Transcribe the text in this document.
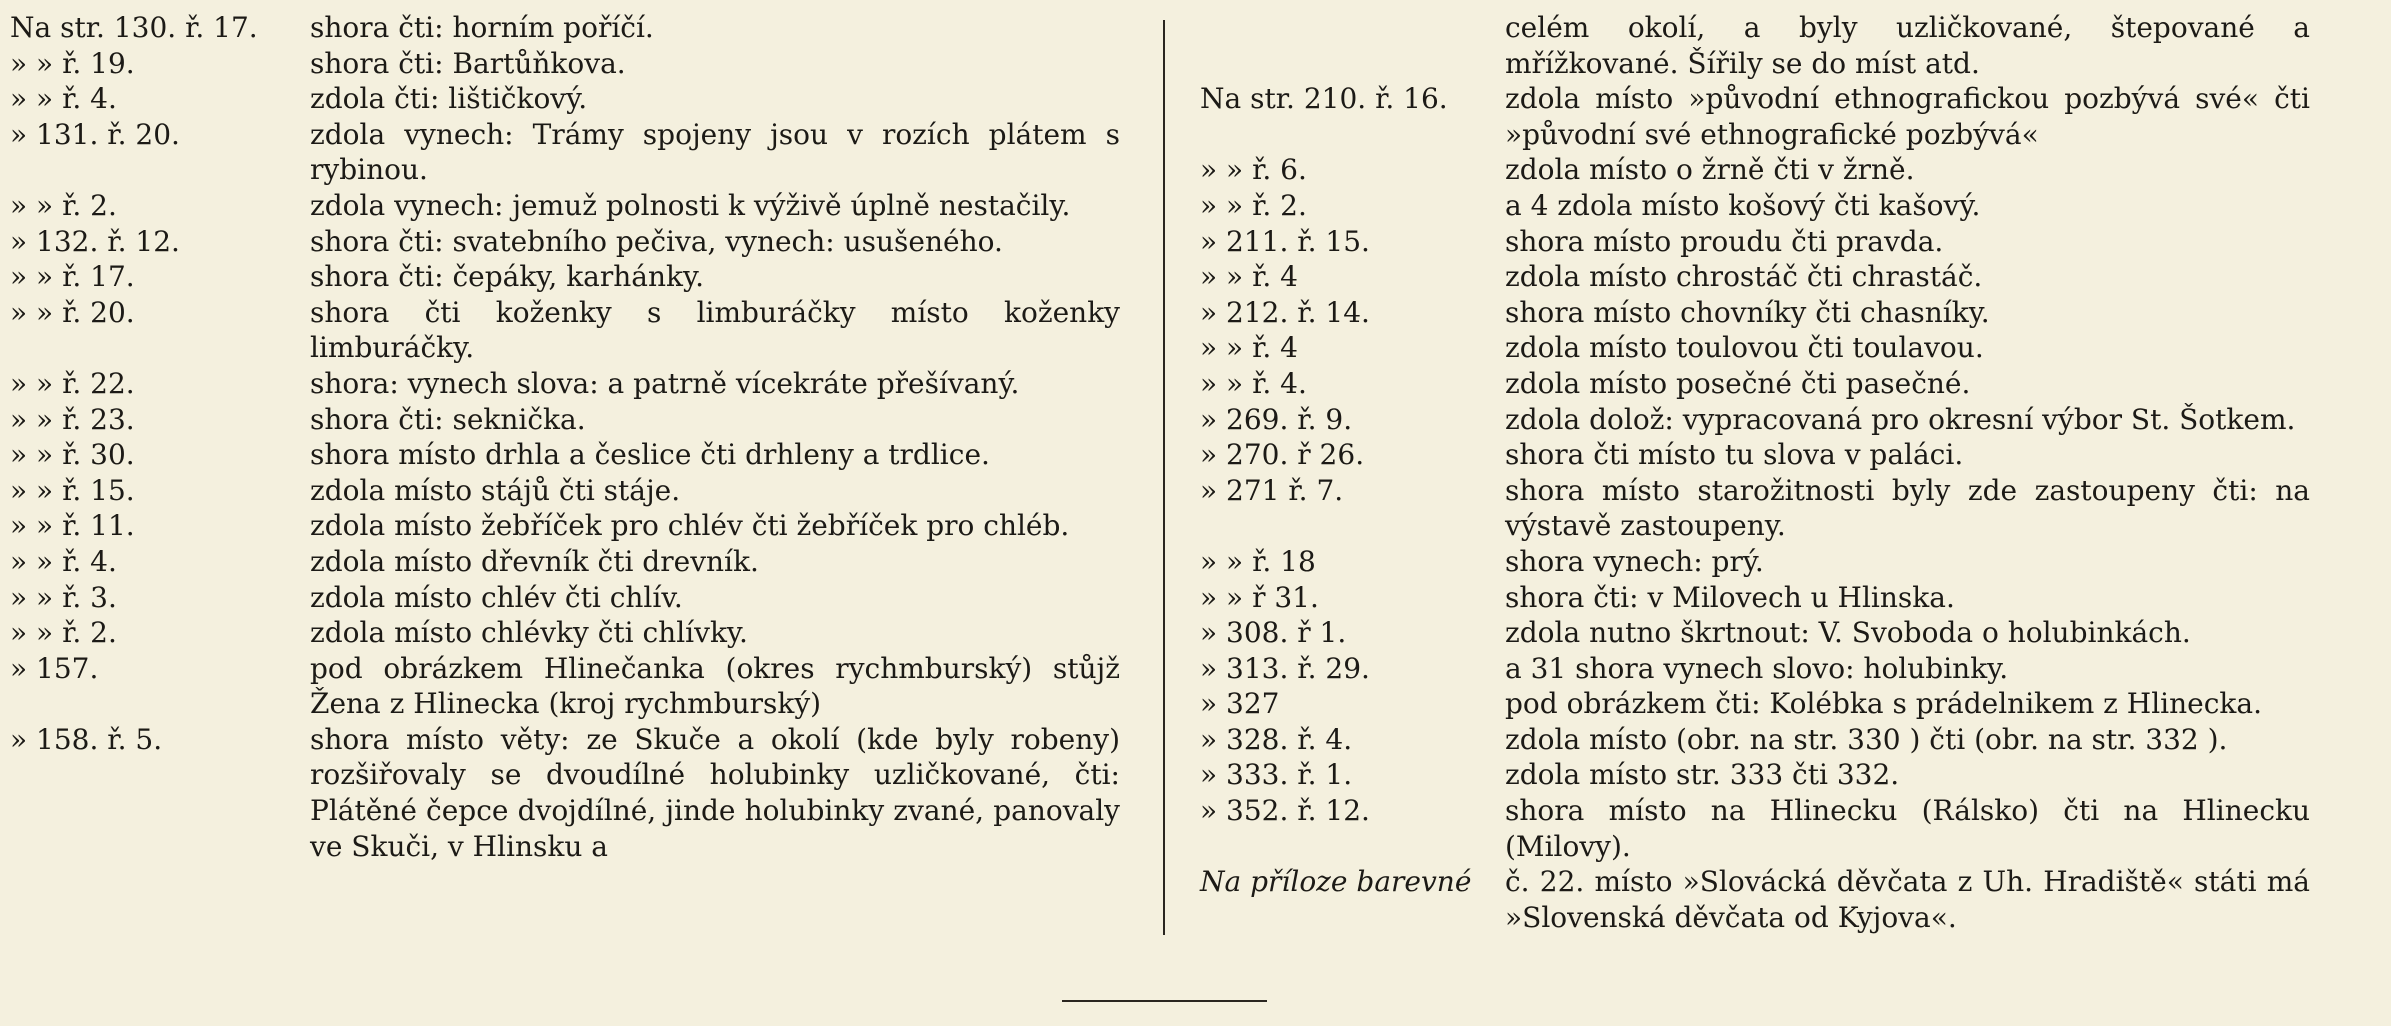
Na str. 130. ř. 17.	shora čti: horním poříčí.
» » ř. 19.	shora čti: Bartůňkova.
» » ř. 4.	zdola čti: lištičkový.
» 131. ř. 20.	zdola vynech: Trámy spojeny jsou v rozích plátem s rybinou.
» » ř. 2.	zdola vynech: jemuž polnosti k výživě úplně nestačily.
» 132. ř. 12.	shora čti: svatebního pečiva, vynech: usušeného.
» » ř. 17.	shora čti: čepáky, karhánky.
» » ř. 20.	shora čti koženky s limburáčky místo koženky limburáčky.
» » ř. 22.	shora: vynech slova: a patrně vícekráte přešívaný.
» » ř. 23.	shora čti: seknička.
» » ř. 30.	shora místo drhla a česlice čti drhleny a trdlice.
» » ř. 15.	zdola místo stájů čti stáje.
» » ř. 11.	zdola místo žebříček pro chlév čti žebříček pro chléb.
» » ř. 4.	zdola místo dřevník čti drevník.
» » ř. 3.	zdola místo chlév čti chlív.
» » ř. 2.	zdola místo chlévky čti chlívky.
» 157.	pod obrázkem Hlinečanka (okres rychmburský) stůjž Žena z Hlinecka (kroj rychmburský)
» 158. ř. 5.	shora místo věty: ze Skuče a okolí (kde byly robeny) rozšiřovaly se dvoudílné holubinky uzličkované, čti: Plátěné čepce dvojdílné, jinde holubinky zvané, panovaly ve Skuči, v Hlinsku a
celém okolí, a byly uzličkované, štepované a mřížkované. Šířily se do míst atd.
Na str. 210. ř. 16.	zdola místo »původní ethnografickou pozbývá své« čti »původní své ethnografické pozbývá«
» » ř. 6.	zdola místo o žrně čti v žrně.
» » ř. 2.	a 4 zdola místo košový čti kašový.
» 211. ř. 15.	shora místo proudu čti pravda.
» » ř. 4	zdola místo chrostáč čti chrastáč.
» 212. ř. 14.	shora místo chovníky čti chasníky.
» » ř. 4	zdola místo toulovou čti toulavou.
» » ř. 4.	zdola místo posečné čti pasečné.
» 269. ř. 9.	zdola dolož: vypracovaná pro okresní výbor St. Šotkem.
» 270. ř 26.	shora čti místo tu slova v paláci.
» 271 ř. 7.	shora místo starožitnosti byly zde zastoupeny čti: na výstavě zastoupeny.
» » ř. 18	shora vynech: prý.
» » ř 31.	shora čti: v Milovech u Hlinska.
» 308. ř 1.	zdola nutno škrtnout: V. Svoboda o holubinkách.
» 313. ř. 29.	a 31 shora vynech slovo: holubinky.
» 327	pod obrázkem čti: Kolébka s prádelnikem z Hlinecka.
» 328. ř. 4.	zdola místo (obr. na str. 330 ) čti (obr. na str. 332 ).
» 333. ř. 1.	zdola místo str. 333 čti 332.
» 352. ř. 12.	shora místo na Hlinecku (Rálsko) čti na Hlinecku (Milovy).
Na příloze barevné	č. 22. místo »Slovácká děvčata z Uh. Hradiště« státi má »Slovenská děvčata od Kyjova«.
